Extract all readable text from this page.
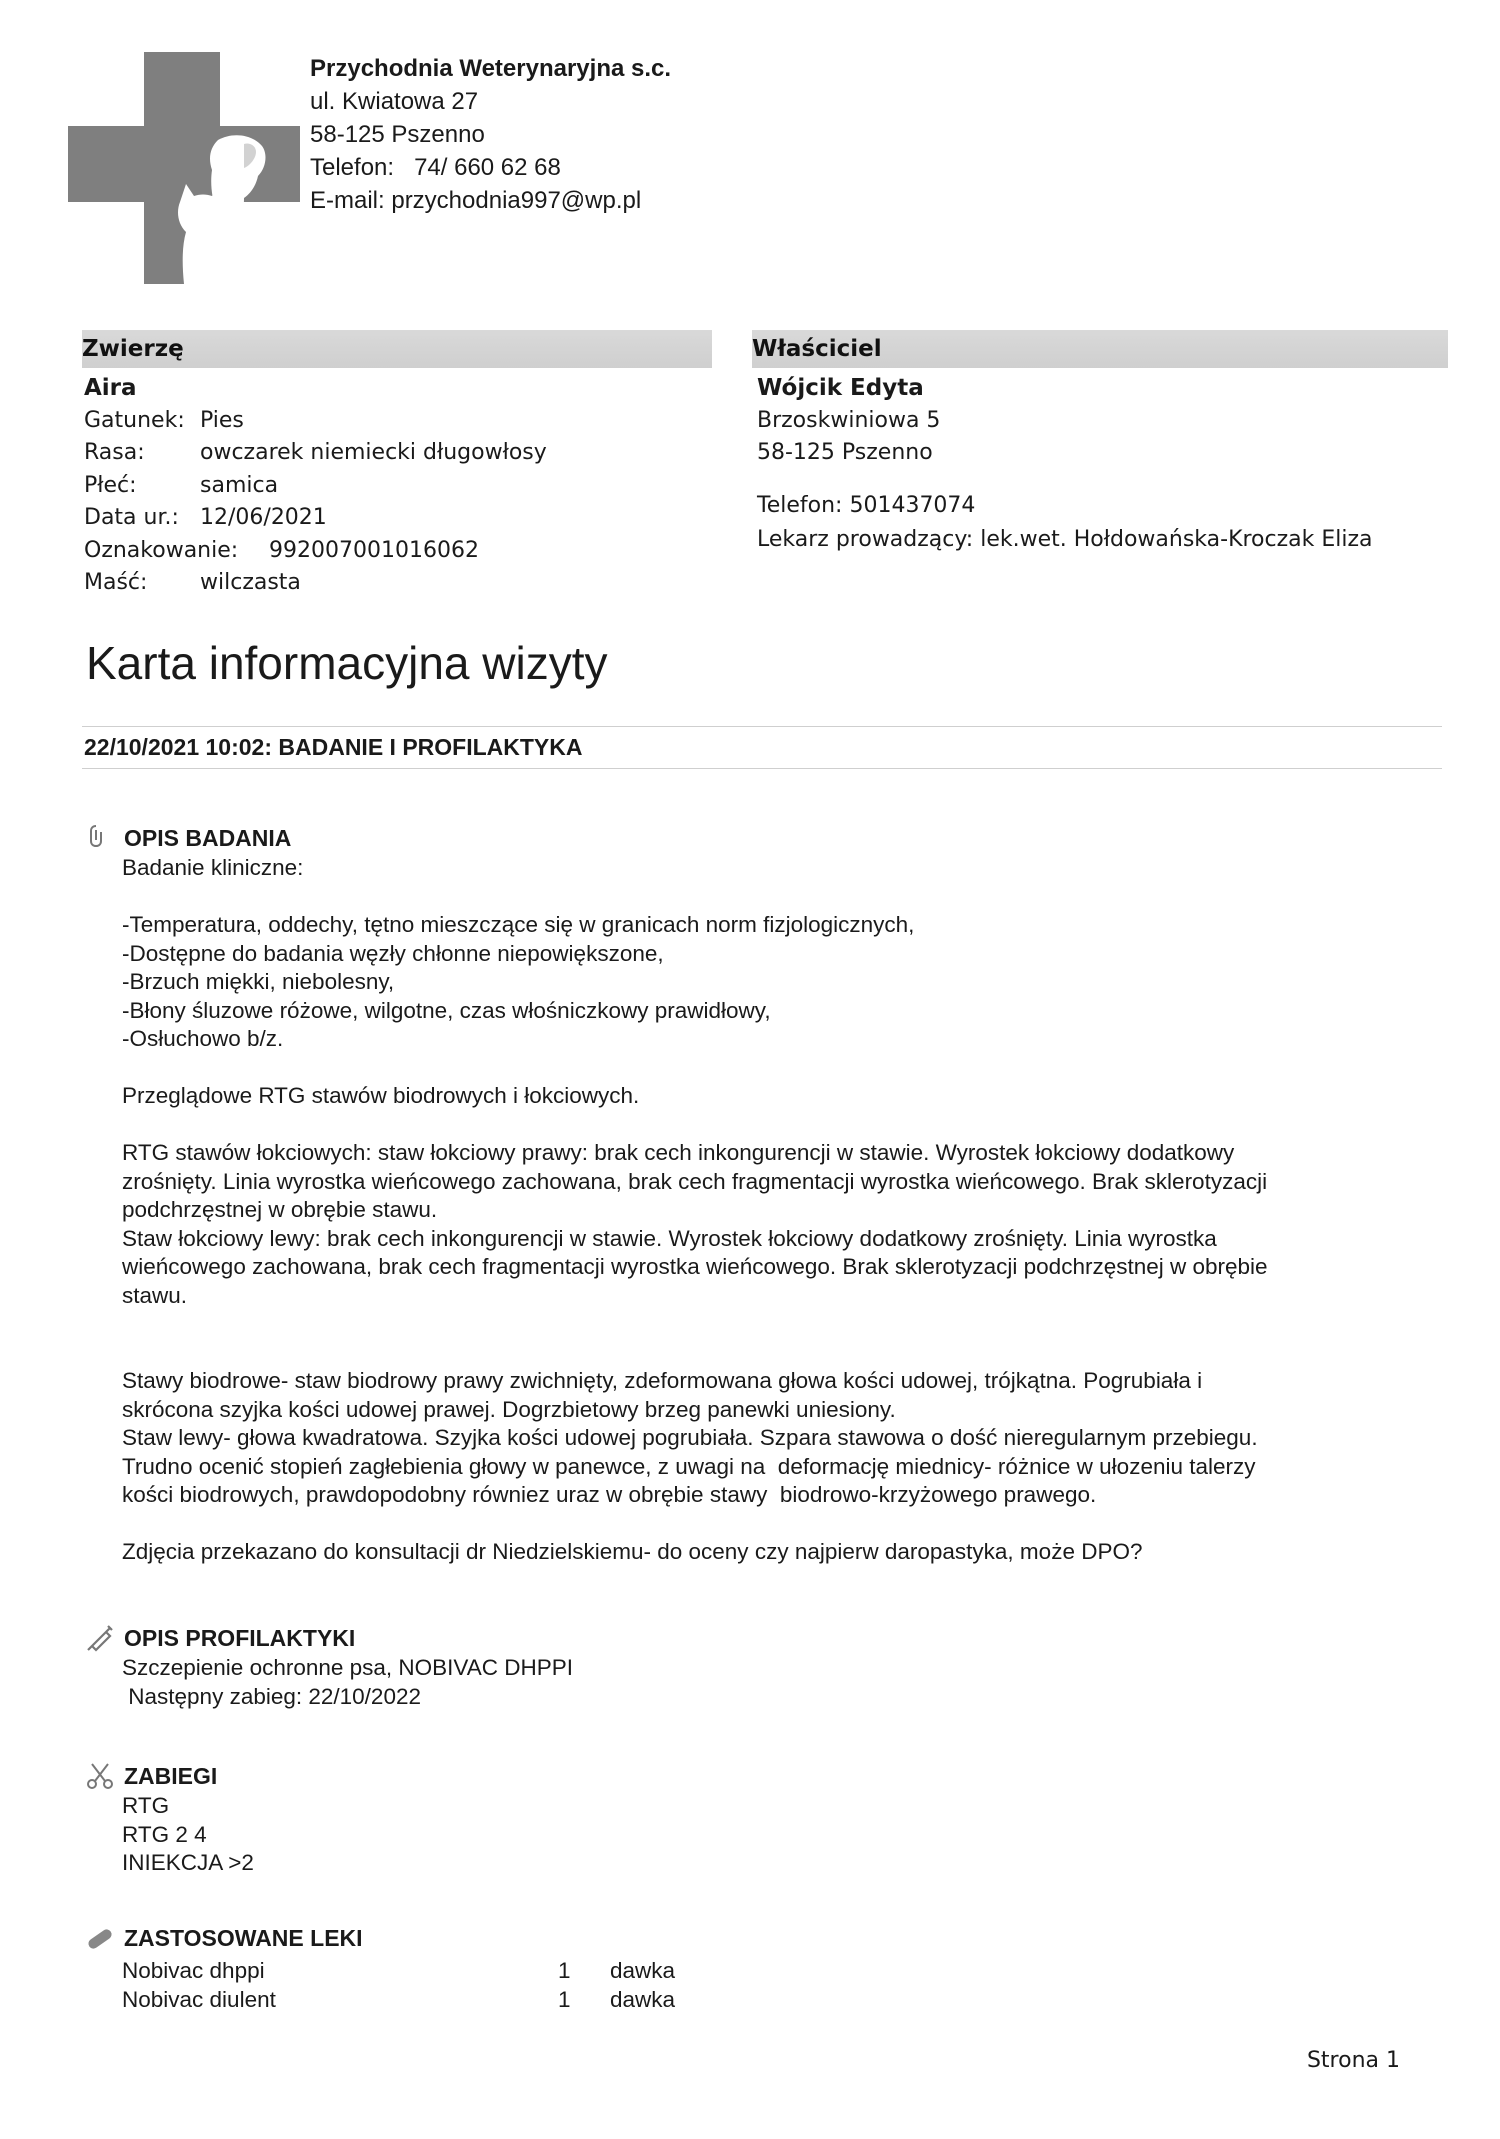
Przychodnia Weterynaryjna s.c.
ul. Kwiatowa 27
58-125 Pszenno
Telefon:   74/ 660 62 68
E-mail: przychodnia997@wp.pl
Zwierzę	Właściciel
Aira
Gatunek: Pies
Rasa:	owczarek niemiecki długowłosy
Płeć:	samica
Data ur.: 12/06/2021
Oznakowanie:	992007001016062
Maść:	wilczasta
Wójcik Edyta
Brzoskwiniowa 5
58-125 Pszenno
Telefon: 501437074
Lekarz prowadzący: lek.wet. Hołdowańska-Kroczak Eliza
Karta informacyjna wizyty
22/10/2021 10:02: BADANIE I PROFILAKTYKA
OPIS BADANIA
Badanie kliniczne:

-Temperatura, oddechy, tętno mieszczące się w granicach norm fizjologicznych,
-Dostępne do badania węzły chłonne niepowiększone,
-Brzuch miękki, niebolesny,
-Błony śluzowe różowe, wilgotne, czas włośniczkowy prawidłowy,
-Osłuchowo b/z.

Przeglądowe RTG stawów biodrowych i łokciowych.

RTG stawów łokciowych: staw łokciowy prawy: brak cech inkongurencji w stawie. Wyrostek łokciowy dodatkowy
zrośnięty. Linia wyrostka wieńcowego zachowana, brak cech fragmentacji wyrostka wieńcowego. Brak sklerotyzacji
podchrzęstnej w obrębie stawu.
Staw łokciowy lewy: brak cech inkongurencji w stawie. Wyrostek łokciowy dodatkowy zrośnięty. Linia wyrostka
wieńcowego zachowana, brak cech fragmentacji wyrostka wieńcowego. Brak sklerotyzacji podchrzęstnej w obrębie
stawu.

Stawy biodrowe- staw biodrowy prawy zwichnięty, zdeformowana głowa kości udowej, trójkątna. Pogrubiała i
skrócona szyjka kości udowej prawej. Dogrzbietowy brzeg panewki uniesiony.
Staw lewy- głowa kwadratowa. Szyjka kości udowej pogrubiała. Szpara stawowa o dość nieregularnym przebiegu.
Trudno ocenić stopień zagłebienia głowy w panewce, z uwagi na  deformację miednicy- różnice w ułozeniu talerzy
kości biodrowych, prawdopodobny równiez uraz w obrębie stawy  biodrowo-krzyżowego prawego.

Zdjęcia przekazano do konsultacji dr Niedzielskiemu- do oceny czy najpierw daropastyka, może DPO?
OPIS PROFILAKTYKI
Szczepienie ochronne psa, NOBIVAC DHPPI
Następny zabieg: 22/10/2022
ZABIEGI
RTG
RTG 2 4
INIEKCJA >2
ZASTOSOWANE LEKI
Nobivac dhppi	1	dawka
Nobivac diulent	1	dawka
Strona 1
